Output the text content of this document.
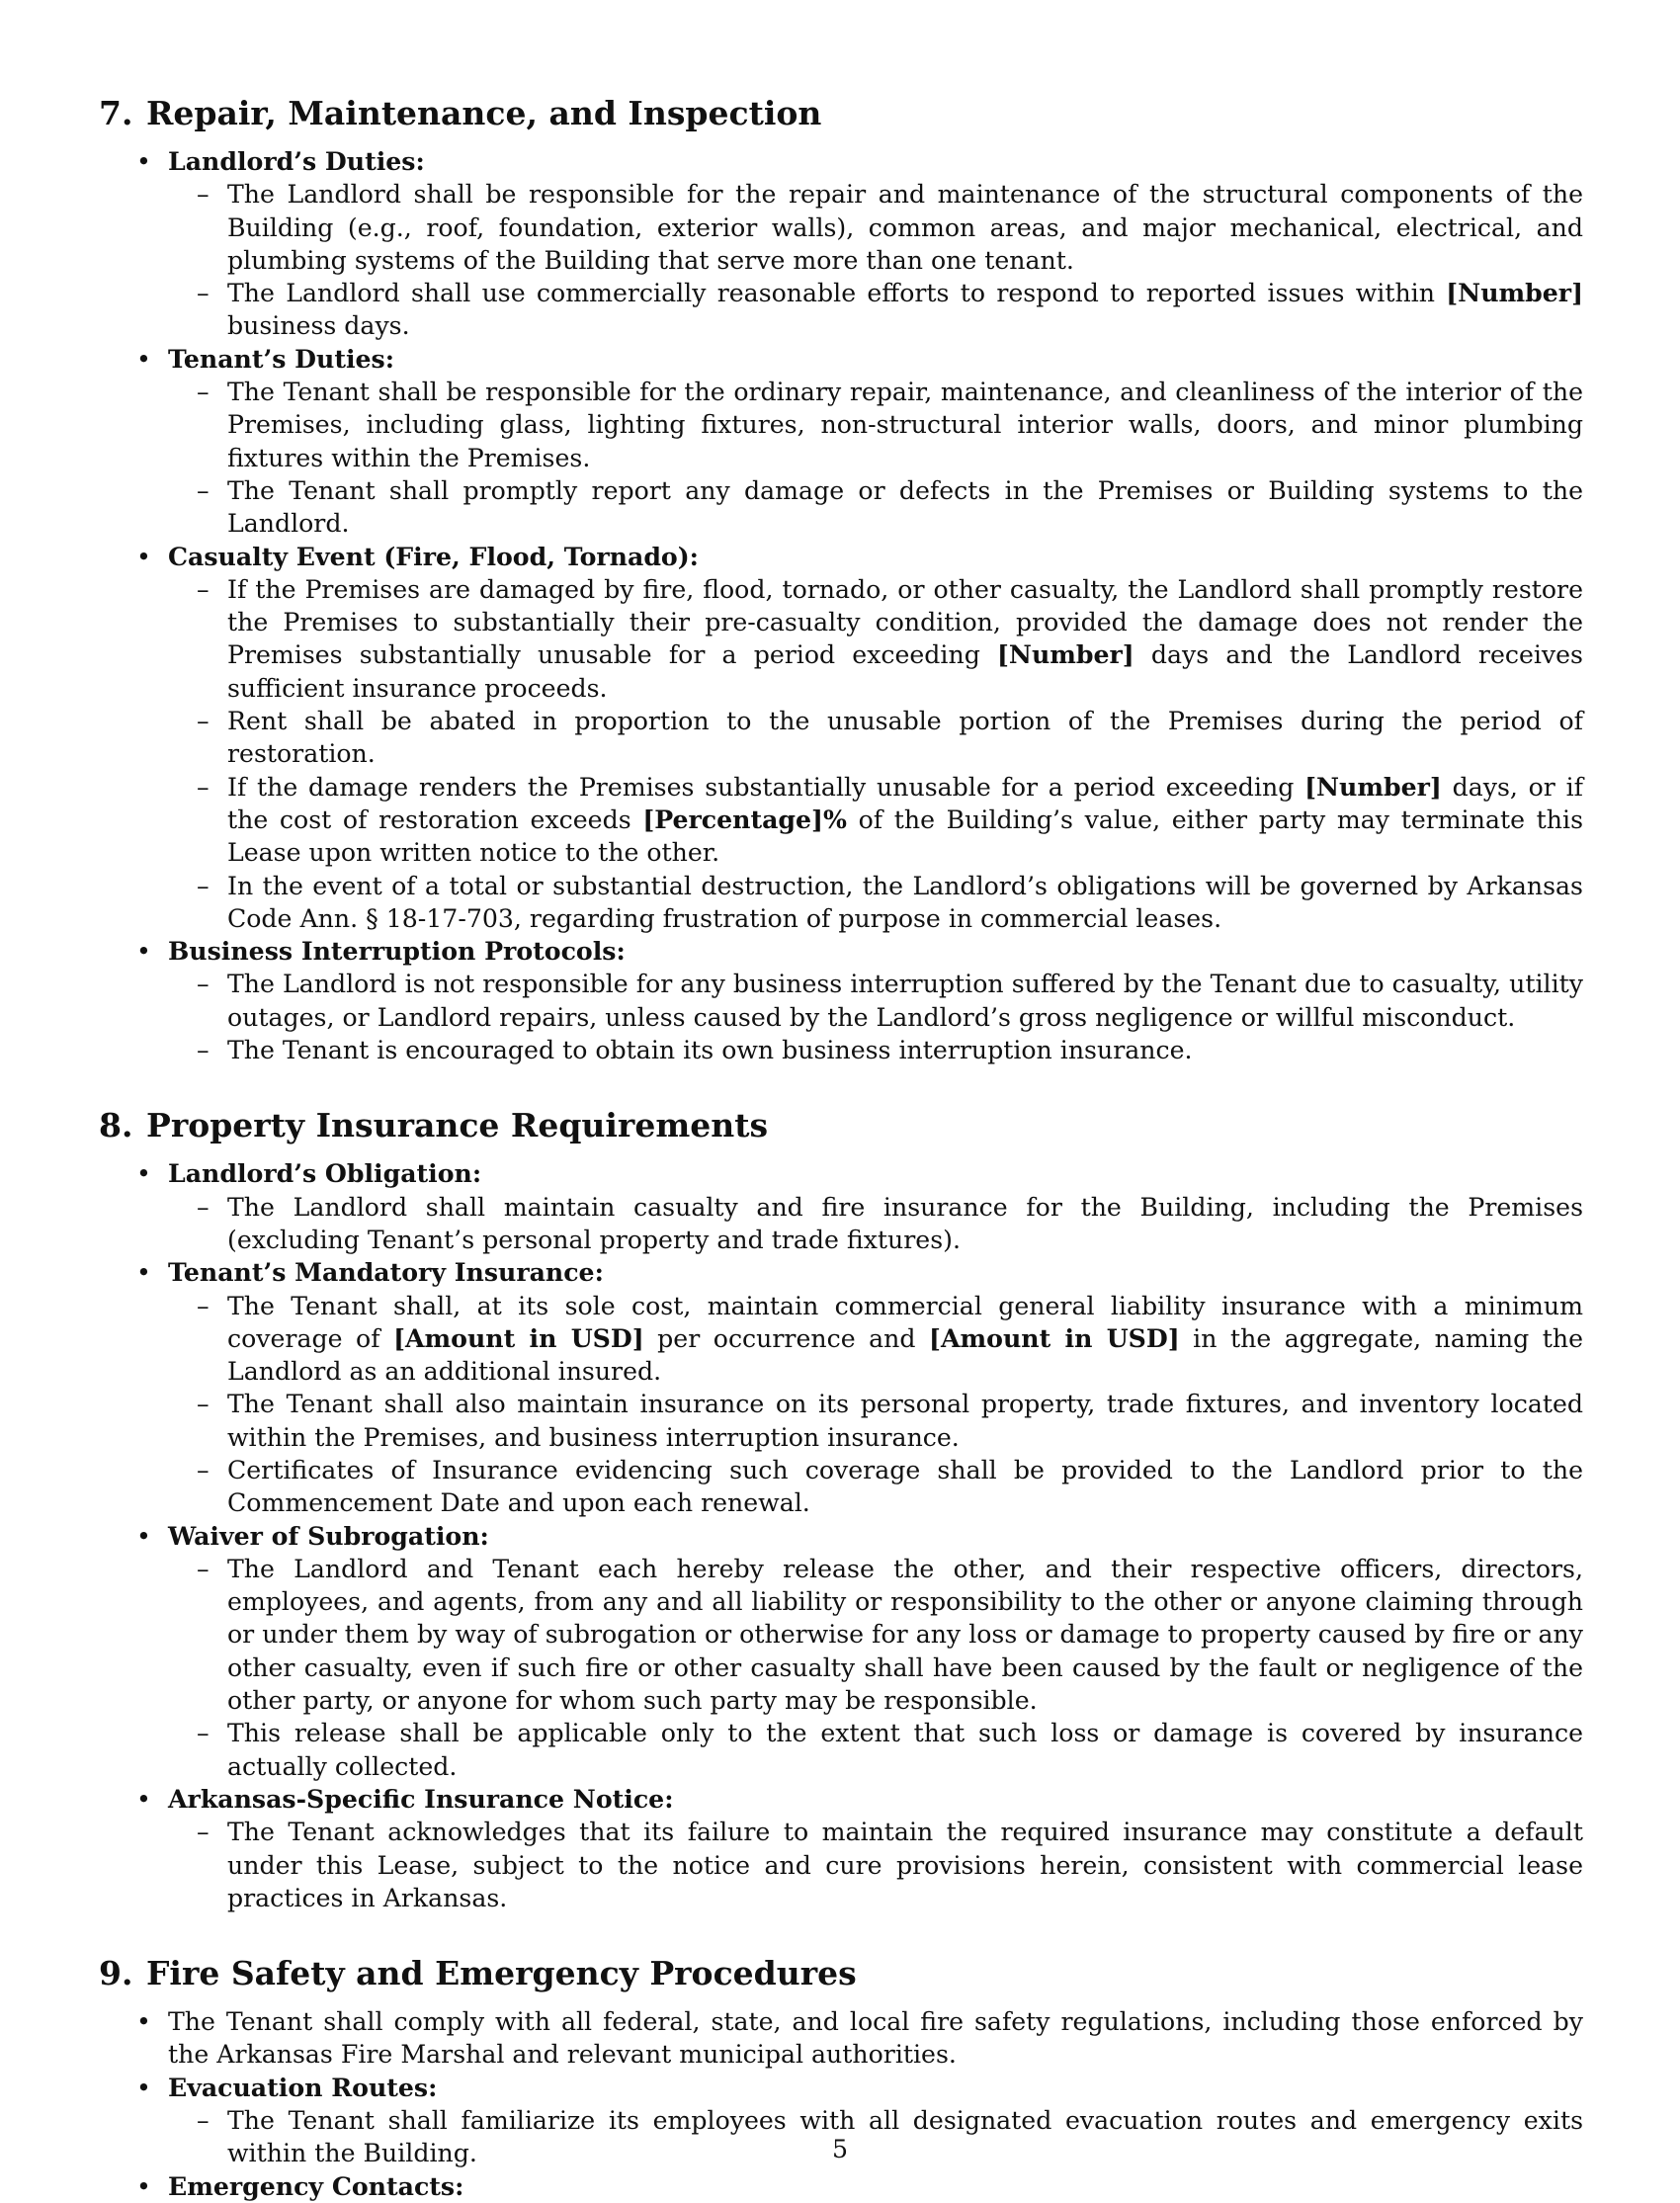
7. Repair, Maintenance, and Inspection
• Landlord’s Duties:
– The Landlord shall be responsible for the repair and maintenance of the structural components of the Building (e.g., roof, foundation, exterior walls), common areas, and major mechanical, electrical, and plumbing systems of the Building that serve more than one tenant.
– The Landlord shall use commercially reasonable efforts to respond to reported issues within [Number] business days.
• Tenant’s Duties:
– The Tenant shall be responsible for the ordinary repair, maintenance, and cleanliness of the interior of the Premises, including glass, lighting fixtures, non-structural interior walls, doors, and minor plumbing fixtures within the Premises.
– The Tenant shall promptly report any damage or defects in the Premises or Building systems to the Landlord.
• Casualty Event (Fire, Flood, Tornado):
– If the Premises are damaged by fire, flood, tornado, or other casualty, the Landlord shall promptly restore the Premises to substantially their pre-casualty condition, provided the damage does not render the Premises substantially unusable for a period exceeding [Number] days and the Landlord receives sufficient insurance proceeds.
– Rent shall be abated in proportion to the unusable portion of the Premises during the period of restoration.
– If the damage renders the Premises substantially unusable for a period exceeding [Number] days, or if the cost of restoration exceeds [Percentage]% of the Building’s value, either party may terminate this Lease upon written notice to the other.
– In the event of a total or substantial destruction, the Landlord’s obligations will be governed by Arkansas Code Ann. § 18-17-703, regarding frustration of purpose in commercial leases.
• Business Interruption Protocols:
– The Landlord is not responsible for any business interruption suffered by the Tenant due to casualty, utility outages, or Landlord repairs, unless caused by the Landlord’s gross negligence or willful misconduct.
– The Tenant is encouraged to obtain its own business interruption insurance.
8. Property Insurance Requirements
• Landlord’s Obligation:
– The Landlord shall maintain casualty and fire insurance for the Building, including the Premises (excluding Tenant’s personal property and trade fixtures).
• Tenant’s Mandatory Insurance:
– The Tenant shall, at its sole cost, maintain commercial general liability insurance with a minimum coverage of [Amount in USD] per occurrence and [Amount in USD] in the aggregate, naming the Landlord as an additional insured.
– The Tenant shall also maintain insurance on its personal property, trade fixtures, and inventory located within the Premises, and business interruption insurance.
– Certificates of Insurance evidencing such coverage shall be provided to the Landlord prior to the Commencement Date and upon each renewal.
• Waiver of Subrogation:
– The Landlord and Tenant each hereby release the other, and their respective officers, directors, employees, and agents, from any and all liability or responsibility to the other or anyone claiming through or under them by way of subrogation or otherwise for any loss or damage to property caused by fire or any other casualty, even if such fire or other casualty shall have been caused by the fault or negligence of the other party, or anyone for whom such party may be responsible.
– This release shall be applicable only to the extent that such loss or damage is covered by insurance actually collected.
• Arkansas-Specific Insurance Notice:
– The Tenant acknowledges that its failure to maintain the required insurance may constitute a default under this Lease, subject to the notice and cure provisions herein, consistent with commercial lease practices in Arkansas.
9. Fire Safety and Emergency Procedures
• The Tenant shall comply with all federal, state, and local fire safety regulations, including those enforced by the Arkansas Fire Marshal and relevant municipal authorities.
• Evacuation Routes:
– The Tenant shall familiarize its employees with all designated evacuation routes and emergency exits within the Building.
• Emergency Contacts:
5
